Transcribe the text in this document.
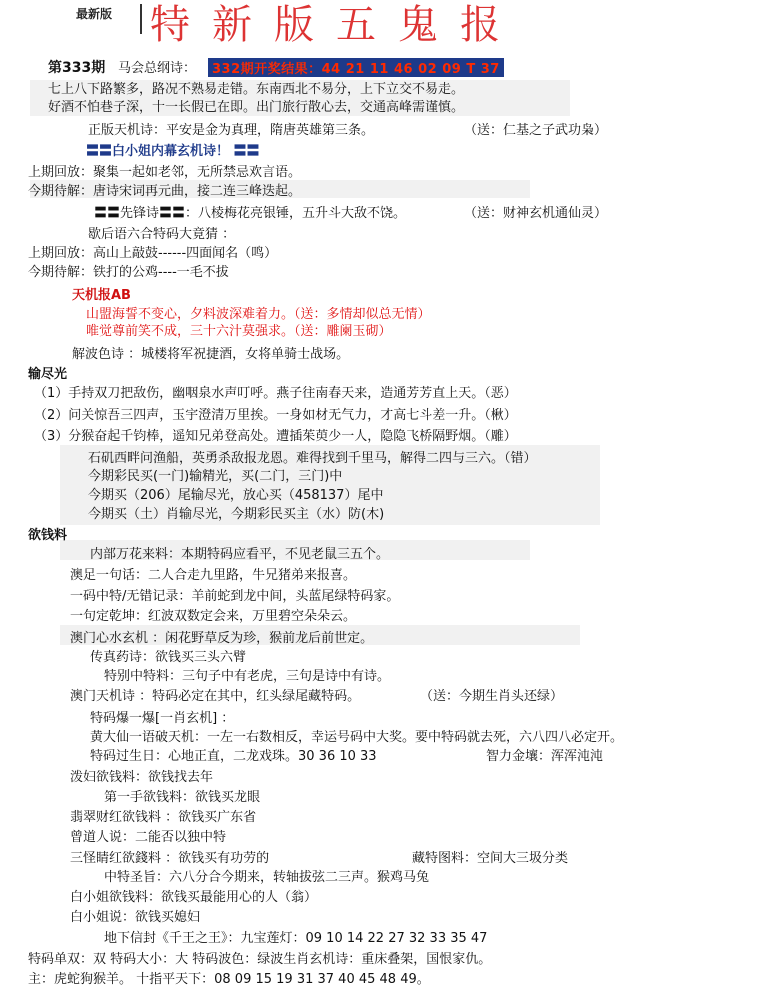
最新版 特新版五鬼报
第333期 马会总纲诗：	332期开奖结果：44 21 11 46 02 09 T 37
七上八下路繁多，路况不熟易走错。东南西北不易分，上下立交不易走。
好酒不怕巷子深，十一长假已在即。出门旅行散心去，交通高峰需谨慎。
正版天机诗：平安是金为真理，隋唐英雄第三条。	（送：仁基之子武功枭）
〓〓白小姐内幕玄机诗！ 〓〓
上期回放：聚集一起如老邻，无所禁忌欢言语。
今期待解：唐诗宋词再元曲，接二连三峰迭起。
〓〓先锋诗〓〓：八棱梅花亮银锤，五升斗大敌不饶。	（送：财神玄机通仙灵）
歇后语六合特码大竟猜 ：
上期回放：高山上敲鼓------四面闻名（鸣）
今期待解：铁打的公鸡----一毛不拔
天机报AB
山盟海誓不变心，夕料波深难着力。（送：多情却似总无情）
唯觉尊前笑不成，三十六汁莫强求。（送：雕阑玉砌）
解波色诗 ：城楼将军祝捷酒，女将单骑士战场。
输尽光
（1）手持双刀把敌伤，幽咽泉水声叮呼。燕子往南春天来，造通芳芳直上天。（恶）
（2）问关惊吾三四声，玉宇澄清万里挨。一身如材无气力，才高七斗差一升。（楸）
（3）分猴奋起千钧棒，遥知兄弟登高处。遭插茱萸少一人，隐隐飞桥隔野烟。（雕）
石矶西畔问渔船，英勇杀敌报龙恩。难得找到千里马，解得二四与三六。（错）
今期彩民买(一门)输精光，买(二门，三门)中
今期买（206）尾输尽光，放心买（458137）尾中
今期买（土）肖输尽光，今期彩民买主（水）防(木)
欲钱料
内部万花来料：本期特码应看平，不见老鼠三五个。
澳足一句话：二人合走九里路，牛兄猪弟来报喜。
一码中特/无错记录：羊前蛇到龙中间，头蓝尾绿特码家。
一句定乾坤：红波双数定会来，万里碧空朵朵云。
澳门心水玄机 ：闲花野草反为珍，猴前龙后前世定。
传真药诗：欲钱买三头六臂
特别中特料：三句子中有老虎，三句是诗中有诗。
澳门天机诗 ：特码必定在其中，红头绿尾藏特码。	（送：今期生肖头还绿）
特码爆一爆[一肖玄机] ：
黄大仙一语破天机：一左一右数相反，幸运号码中大奖。要中特码就去死，六八四八必定开。
特码过生日：心地正直，二龙戏珠。30 36 10 33	智力金壤：浑浑沌沌
泼妇欲钱料：欲钱找去年
第一手欲钱料：欲钱买龙眼
翡翠财红欲钱料 ：欲钱买广东省
曾道人说：二能否以独中特
三怪睛红欲錢料 ：欲钱买有功劳的	藏特图料：空间大三圾分类
中特圣旨：六八分合今期来，转轴拔弦二三声。猴鸡马兔
白小姐欲钱料：欲钱买最能用心的人（翁）
白小姐说：欲钱买媳妇
地下信封《千王之王》：九宝莲灯：09 10 14 22 27 32 33 35 47
特码单双：双 特码大小：大 特码波色：绿波生肖玄机诗：重床叠架，国恨家仇。
主：虎蛇狗猴羊。 十指平天下：08 09 15 19 31 37 40 45 48 49。
